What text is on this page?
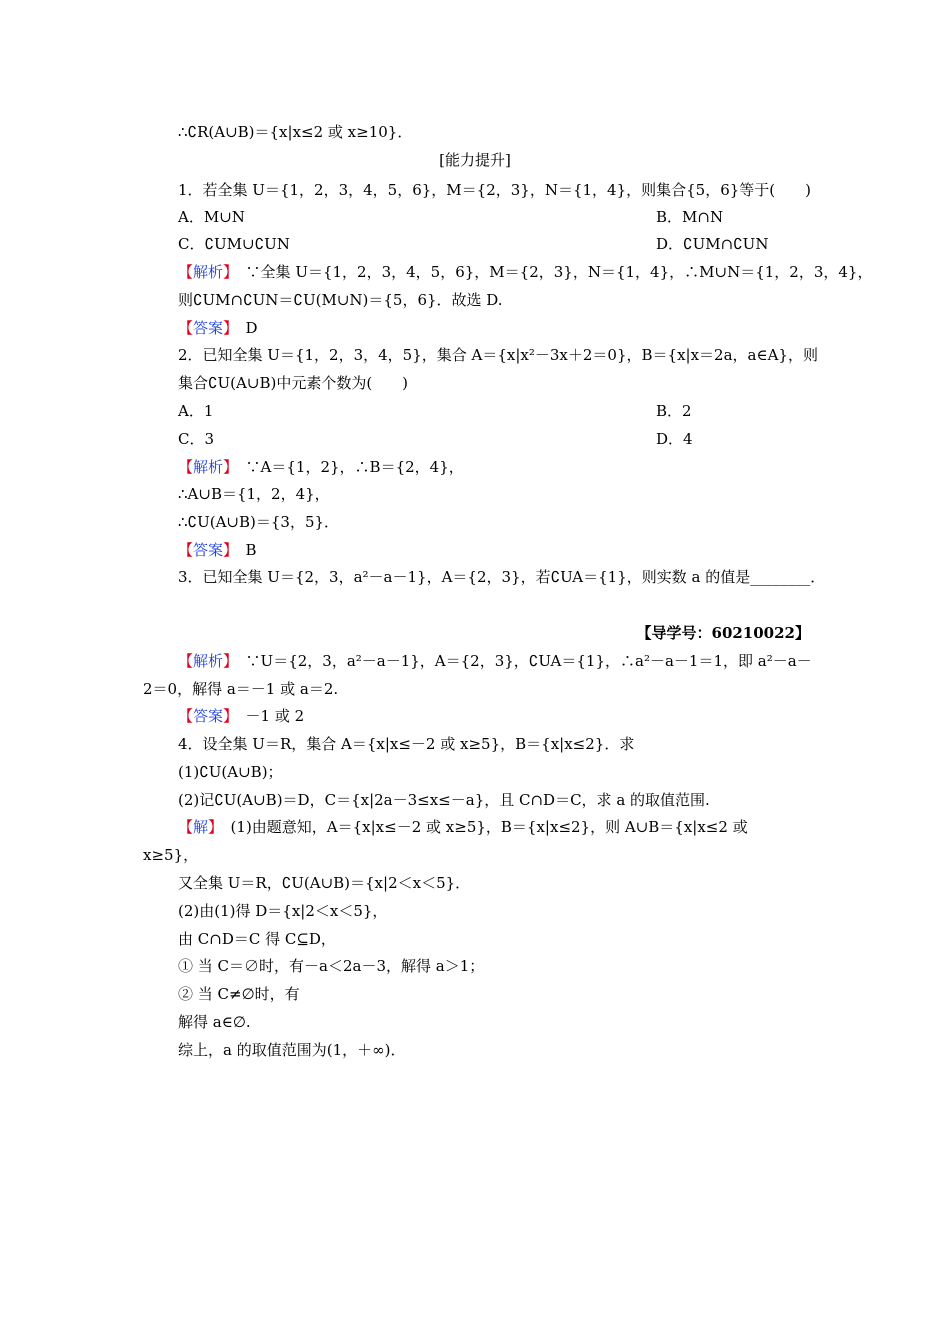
∴∁R(A∪B)＝{x|x≤2 或 x≥10}．
[能力提升]
1．若全集 U＝{1，2，3，4，5，6}，M＝{2，3}，N＝{1，4}，则集合{5，6}等于(　　)
A．M∪N	B．M∩N
C．∁UM∪∁UN	D．∁UM∩∁UN
【解析】　∵全集 U＝{1，2，3，4，5，6}，M＝{2，3}，N＝{1，4}，∴M∪N＝{1，2，3，4}，
则∁UM∩∁UN＝∁U(M∪N)＝{5，6}．故选 D.
【答案】　D
2．已知全集 U＝{1，2，3，4，5}，集合 A＝{x|x²－3x＋2＝0}，B＝{x|x＝2a，a∈A}，则
集合∁U(A∪B)中元素个数为(　　)
A．1	B．2
C．3	D．4
【解析】　∵A＝{1，2}，∴B＝{2，4}，
∴A∪B＝{1，2，4}，
∴∁U(A∪B)＝{3，5}．
【答案】　B
3．已知全集 U＝{2，3，a²－a－1}，A＝{2，3}，若∁UA＝{1}，则实数 a 的值是________．
【导学号：60210022】
【解析】　∵U＝{2，3，a²－a－1}，A＝{2，3}，∁UA＝{1}，∴a²－a－1＝1，即 a²－a－
2＝0，解得 a＝－1 或 a＝2.
【答案】　－1 或 2
4．设全集 U＝R，集合 A＝{x|x≤－2 或 x≥5}，B＝{x|x≤2}．求
(1)∁U(A∪B)；
(2)记∁U(A∪B)＝D，C＝{x|2a－3≤x≤－a}，且 C∩D＝C，求 a 的取值范围.
【解】　(1)由题意知，A＝{x|x≤－2 或 x≥5}，B＝{x|x≤2}，则 A∪B＝{x|x≤2 或
x≥5}，
又全集 U＝R，∁U(A∪B)＝{x|2＜x＜5}．
(2)由(1)得 D＝{x|2＜x＜5}，
由 C∩D＝C 得 C⊆D，
① 当 C＝∅时，有－a＜2a－3，解得 a＞1；
② 当 C≠∅时，有
解得 a∈∅.
综上，a 的取值范围为(1，＋∞)．
